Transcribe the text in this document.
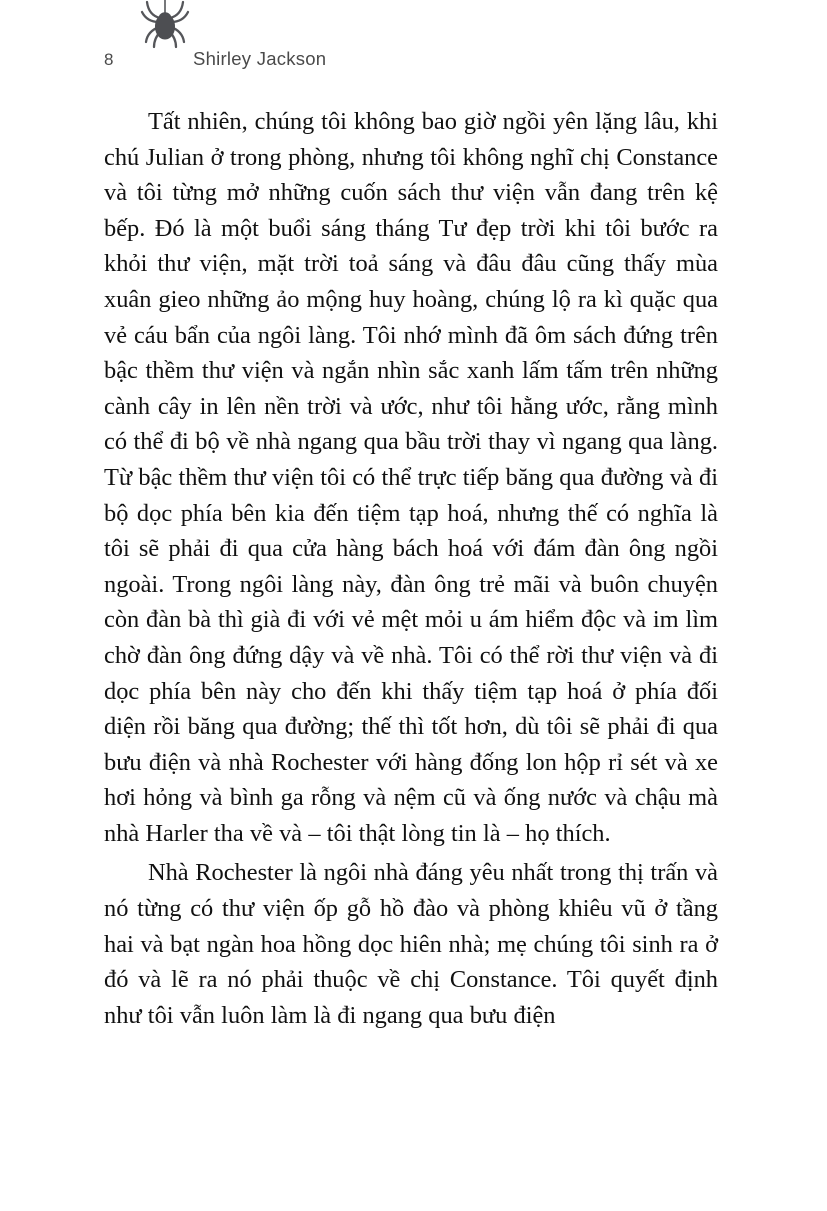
8	Shirley Jackson

Tất nhiên, chúng tôi không bao giờ ngồi yên lặng lâu, khi chú Julian ở trong phòng, nhưng tôi không nghĩ chị Constance và tôi từng mở những cuốn sách thư viện vẫn đang trên kệ bếp. Đó là một buổi sáng tháng Tư đẹp trời khi tôi bước ra khỏi thư viện, mặt trời toả sáng và đâu đâu cũng thấy mùa xuân gieo những ảo mộng huy hoàng, chúng lộ ra kì quặc qua vẻ cáu bẩn của ngôi làng. Tôi nhớ mình đã ôm sách đứng trên bậc thềm thư viện và ngắn nhìn sắc xanh lấm tấm trên những cành cây in lên nền trời và ước, như tôi hằng ước, rằng mình có thể đi bộ về nhà ngang qua bầu trời thay vì ngang qua làng. Từ bậc thềm thư viện tôi có thể trực tiếp băng qua đường và đi bộ dọc phía bên kia đến tiệm tạp hoá, nhưng thế có nghĩa là tôi sẽ phải đi qua cửa hàng bách hoá với đám đàn ông ngồi ngoài. Trong ngôi làng này, đàn ông trẻ mãi và buôn chuyện còn đàn bà thì già đi với vẻ mệt mỏi u ám hiểm độc và im lìm chờ đàn ông đứng dậy và về nhà. Tôi có thể rời thư viện và đi dọc phía bên này cho đến khi thấy tiệm tạp hoá ở phía đối diện rồi băng qua đường; thế thì tốt hơn, dù tôi sẽ phải đi qua bưu điện và nhà Rochester với hàng đống lon hộp rỉ sét và xe hơi hỏng và bình ga rỗng và nệm cũ và ống nước và chậu mà nhà Harler tha về và – tôi thật lòng tin là – họ thích.

Nhà Rochester là ngôi nhà đáng yêu nhất trong thị trấn và nó từng có thư viện ốp gỗ hồ đào và phòng khiêu vũ ở tầng hai và bạt ngàn hoa hồng dọc hiên nhà; mẹ chúng tôi sinh ra ở đó và lẽ ra nó phải thuộc về chị Constance. Tôi quyết định như tôi vẫn luôn làm là đi ngang qua bưu điện
